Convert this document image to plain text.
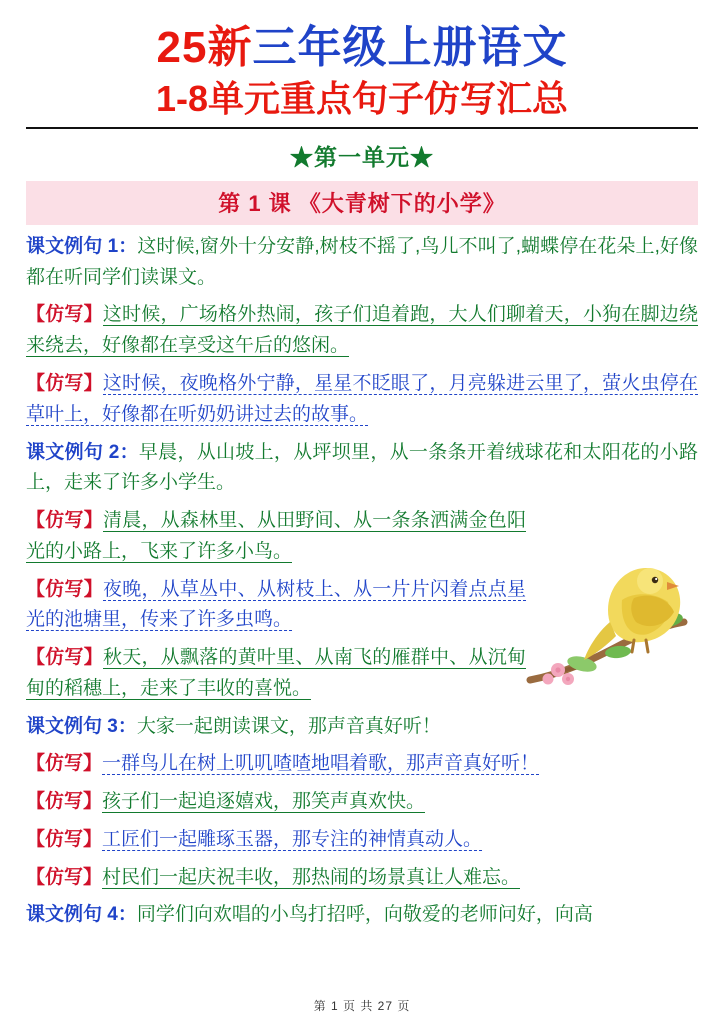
25新三年级上册语文
1-8单元重点句子仿写汇总
★第一单元★
第 1 课 《大青树下的小学》

课文例句 1：这时候,窗外十分安静,树枝不摇了,鸟儿不叫了,蝴蝶停在花朵上,好像都在听同学们读课文。

【仿写】这时候，广场格外热闹，孩子们追着跑，大人们聊着天，小狗在脚边绕来绕去，好像都在享受这午后的悠闲。

【仿写】这时候，夜晚格外宁静，星星不眨眼了，月亮躲进云里了，萤火虫停在草叶上，好像都在听奶奶讲过去的故事。

课文例句 2：早晨，从山坡上，从坪坝里，从一条条开着绒球花和太阳花的小路上，走来了许多小学生。

【仿写】清晨，从森林里、从田野间、从一条条洒满金色阳光的小路上，飞来了许多小鸟。

【仿写】夜晚，从草丛中、从树枝上、从一片片闪着点点星光的池塘里，传来了许多虫鸣。

【仿写】秋天，从飘落的黄叶里、从南飞的雁群中、从沉甸甸的稻穗上，走来了丰收的喜悦。

课文例句 3：大家一起朗读课文，那声音真好听！

【仿写】一群鸟儿在树上叽叽喳喳地唱着歌，那声音真好听！

【仿写】孩子们一起追逐嬉戏，那笑声真欢快。

【仿写】工匠们一起雕琢玉器，那专注的神情真动人。

【仿写】村民们一起庆祝丰收，那热闹的场景真让人难忘。

课文例句 4：同学们向欢唱的小鸟打招呼，向敬爱的老师问好，向高

第 1 页 共 27 页
